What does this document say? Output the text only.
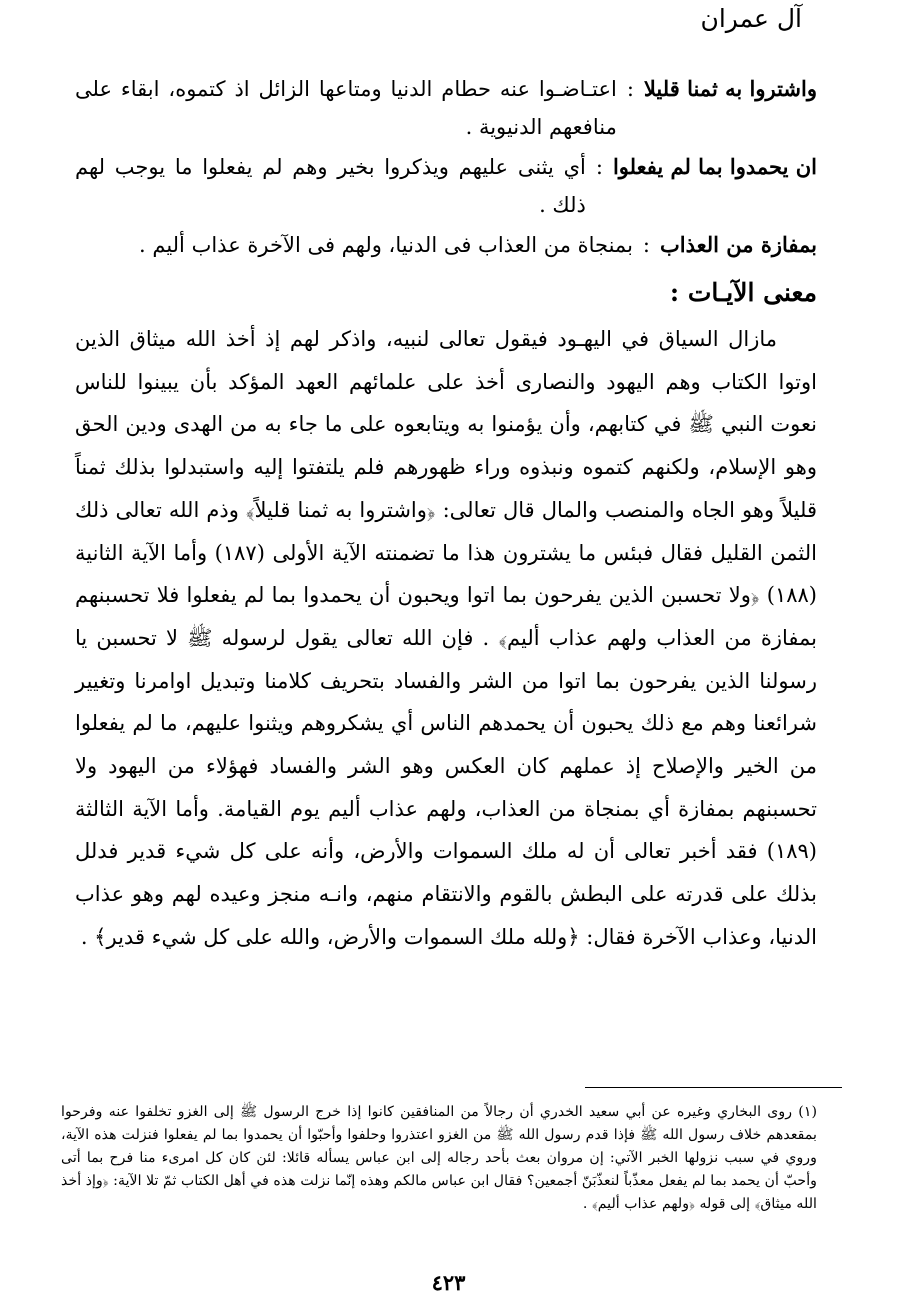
آل عمران
واشتروا به ثمنا قليلا
:
اعتـاضـوا عنه حطام الدنيا ومتاعها الزائل اذ كتموه، ابقاء على منافعهم الدنيوية .
ان يحمدوا بما لم يفعلوا
:
أي يثنى عليهم ويذكروا بخير وهم لم يفعلوا ما يوجب لهم ذلك .
بمفازة من العذاب
:
بمنجاة من العذاب فى الدنيا، ولهم فى الآخرة عذاب أليم .
معنى الآيـات :

مازال السياق في اليهـود فيقول تعالى لنبيه، واذكر لهم إذ أخذ الله ميثاق الذين اوتوا الكتاب وهم اليهود والنصارى أخذ على علمائهم العهد المؤكد بأن يبينوا للناس نعوت النبي ﷺ في كتابهم، وأن يؤمنوا به ويتابعوه على ما جاء به من الهدى ودين الحق وهو الإسلام، ولكنهم كتموه ونبذوه وراء ظهورهم فلم يلتفتوا إليه واستبدلوا بذلك ثمناً قليلاً وهو الجاه والمنصب والمال قال تعالى: ﴿واشتروا به ثمنا قليلاً﴾ وذم الله تعالى ذلك الثمن القليل فقال فبئس ما يشترون هذا ما تضمنته الآية الأولى (١٨٧) وأما الآية الثانية (١٨٨) ﴿ولا تحسبن الذين يفرحون بما اتوا ويحبون أن يحمدوا بما لم يفعلوا فلا تحسبنهم بمفازة من العذاب ولهم عذاب أليم﴾ . فإن الله تعالى يقول لرسوله ﷺ لا تحسبن يا رسولنا الذين يفرحون بما اتوا من الشر والفساد بتحريف كلامنا وتبديل اوامرنا وتغيير شرائعنا وهم مع ذلك يحبون أن يحمدهم الناس أي يشكروهم ويثنوا عليهم، ما لم يفعلوا من الخير والإصلاح إذ عملهم كان العكس وهو الشر والفساد فهؤلاء من اليهود ولا تحسبنهم بمفازة أي بمنجاة من العذاب، ولهم عذاب أليم يوم القيامة. وأما الآية الثالثة (١٨٩) فقد أخبر تعالى أن له ملك السموات والأرض، وأنه على كل شيء قدير فدلل بذلك على قدرته على البطش بالقوم والانتقام منهم، وانـه منجز وعيده لهم وهو عذاب الدنيا، وعذاب الآخرة فقال: ﴿ولله ملك السموات والأرض، والله على كل شيء قدير﴾ .

(١) روى البخاري وغيره عن أبي سعيد الخدري أن رجالاً من المنافقين كانوا إذا خرج الرسول ﷺ إلى الغزو تخلفوا عنه وفرحوا بمقعدهم خلاف رسول الله ﷺ فإذا قدم رسول الله ﷺ من الغزو اعتذروا وحلفوا وأحبّوا أن يحمدوا بما لم يفعلوا فنزلت هذه الآية، وروي في سبب نزولها الخبر الآتي: إن مروان بعث بأحد رجاله إلى ابن عباس يسأله قائلا: لئن كان كل امرىء منا فرح بما أتى وأحبّ أن يحمد بما لم يفعل معذّباً لنعذّبَنّ أجمعين؟ فقال ابن عباس مالكم وهذه إنّما نزلت هذه في أهل الكتاب ثمّ تلا الآية: ﴿وإذ أخذ الله ميثاق﴾ إلى قوله ﴿ولهم عذاب أليم﴾ .
٤٢٣
